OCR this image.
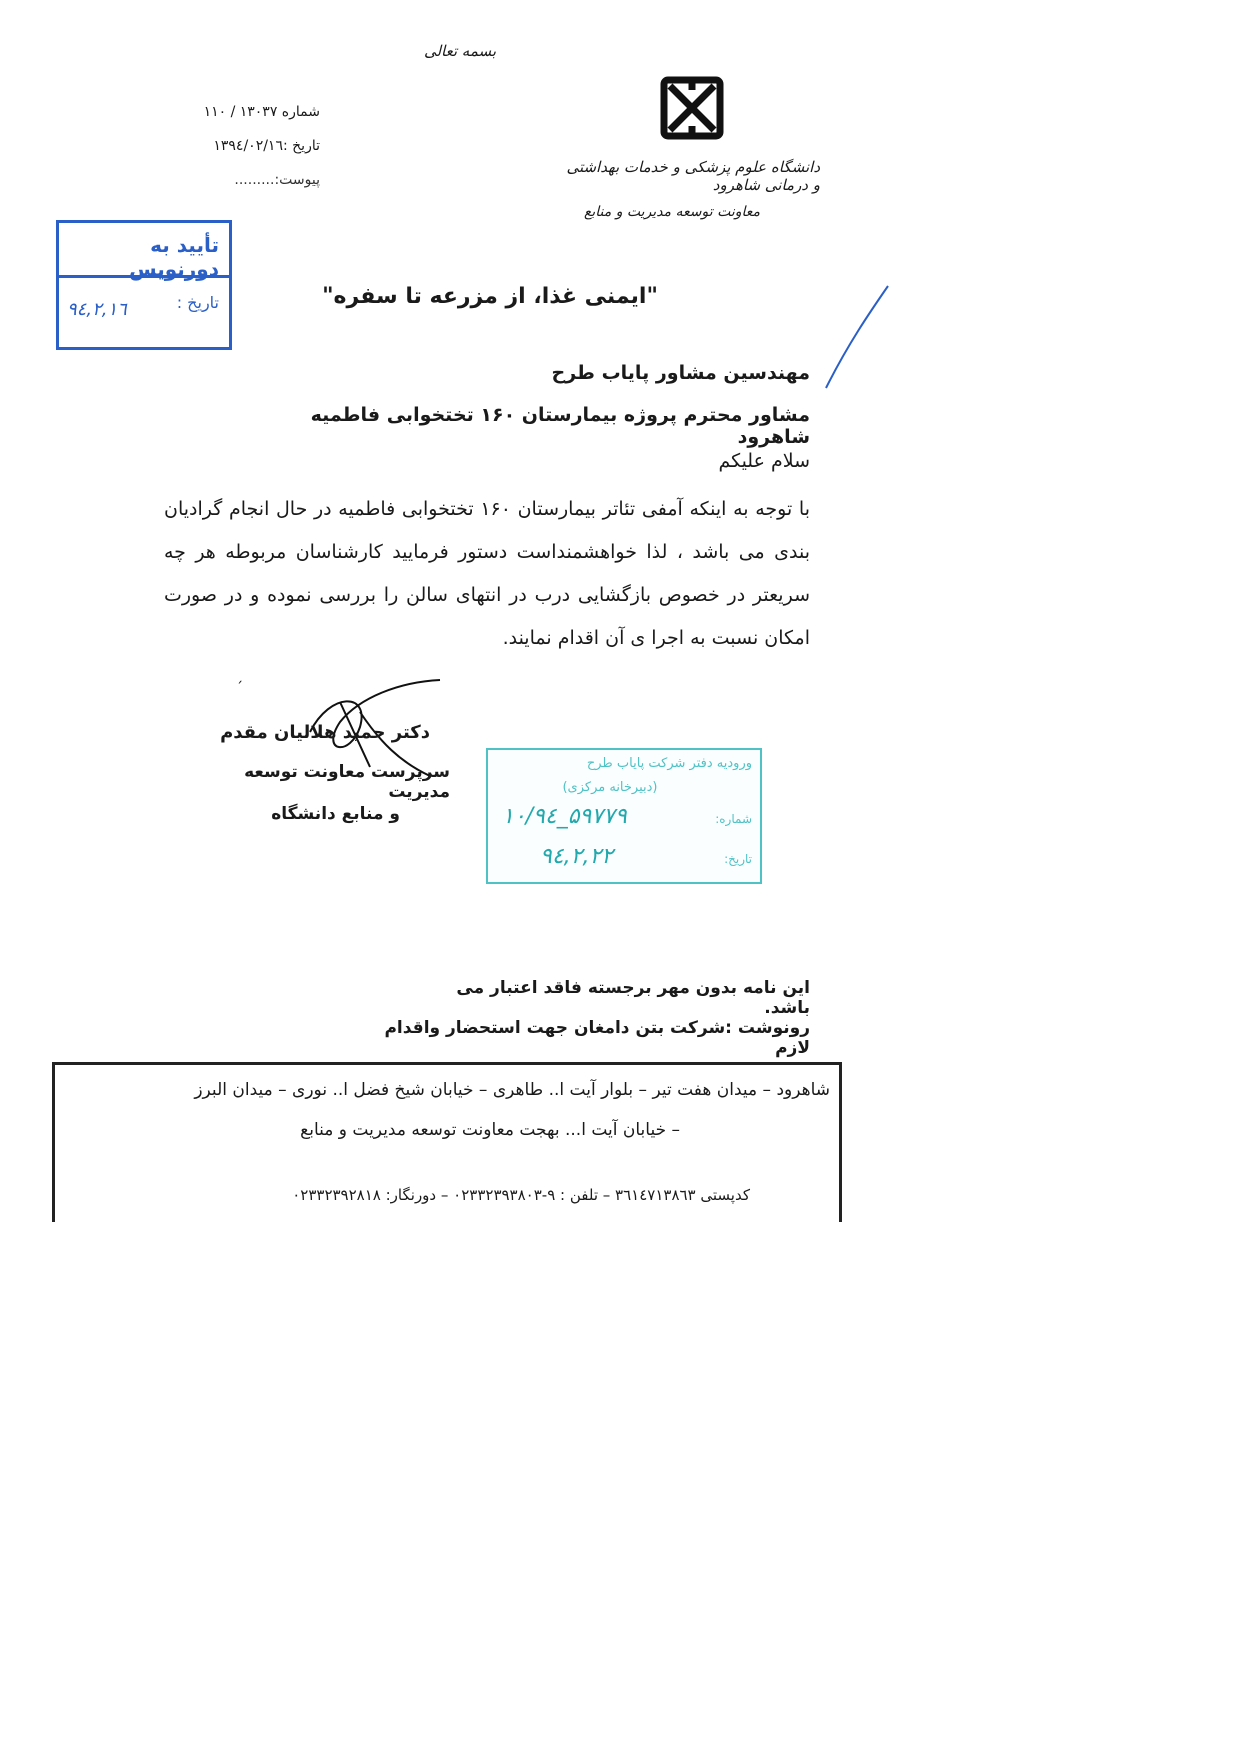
بسمه تعالی
دانشگاه علوم پزشکی و خدمات بهداشتی و درمانی شاهرود
معاونت توسعه مدیریت و منابع
شماره ۱۳۰۳۷ / ۱۱۰
تاریخ :۱۳۹٤/۰۲/۱٦
پیوست:.........
تأیید به دورنویس
تاریخ :
۹٤,۲,۱٦
"ایمنی غذا، از مزرعه تا سفره"
مهندسین مشاور پایاب طرح
مشاور محترم پروژه بیمارستان ۱۶۰ تختخوابی فاطمیه شاهرود
سلام علیکم
با توجه به اینکه آمفی تئاتر بیمارستان ۱۶۰ تختخوابی فاطمیه در حال انجام گرادیان بندی می باشد ، لذا خواهشمنداست دستور فرمایید کارشناسان مربوطه هر چه سریعتر در خصوص بازگشایی درب در انتهای سالن را بررسی نموده و در صورت امکان نسبت به اجرا ی آن اقدام نمایند.
ˏ
دکتر حمید هلالیان مقدم
سرپرست معاونت توسعه مدیریت
و منابع دانشگاه
ورودیه دفتر شرکت پایاب طرح
(دبیرخانه مرکزی)
شماره:
۱۰/۹٤_۵۹۷۷۹
تاریخ:
۹٤,۲,۲۲
این نامه بدون مهر برجسته فاقد اعتبار می باشد.
رونوشت :شرکت بتن دامغان جهت استحضار واقدام لازم
شاهرود – میدان هفت تیر – بلوار آیت ا.. طاهری – خیابان شیخ فضل ا.. نوری – میدان البرز
– خیابان آیت ا... بهجت معاونت توسعه مدیریت و منابع
کدپستی ٣٦١٤٧١٣٨٦٣ – تلفن : ٩-٠٢٣٣٢٣٩٣٨٠٣ – دورنگار: ٠٢٣٣٢٣٩٢٨١٨
